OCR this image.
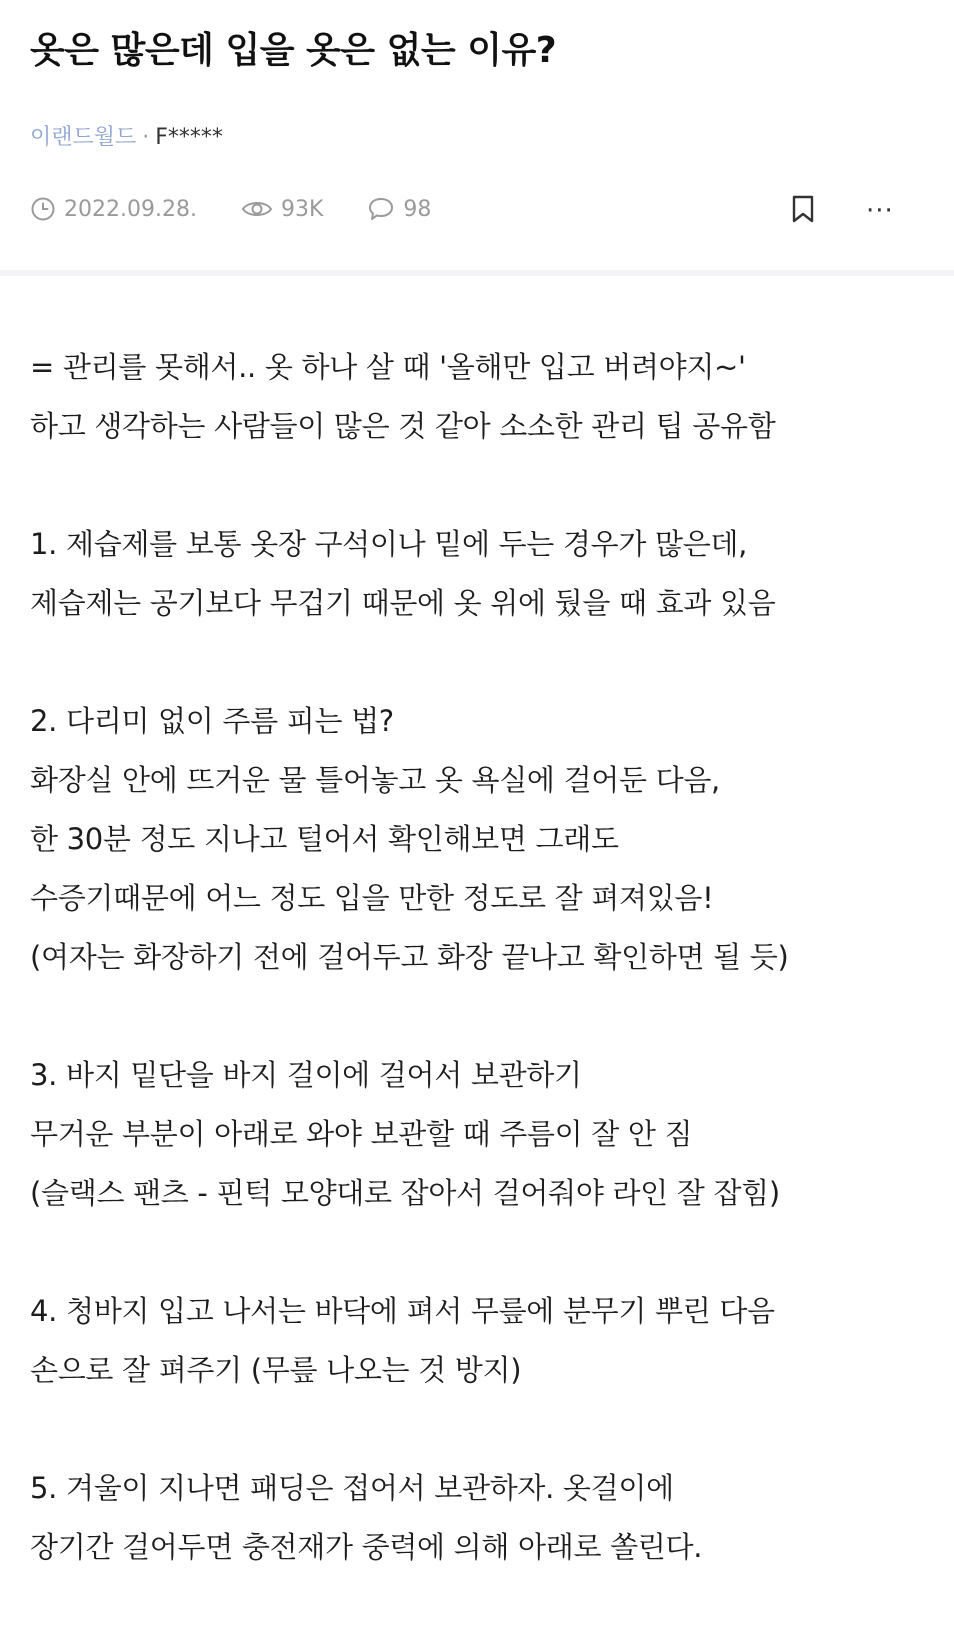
옷은 많은데 입을 옷은 없는 이유?
이랜드월드 · F*****
2022.09.28.	93K	98	···
= 관리를 못해서.. 옷 하나 살 때 '올해만 입고 버려야지~'
하고 생각하는 사람들이 많은 것 같아 소소한 관리 팁 공유함
1. 제습제를 보통 옷장 구석이나 밑에 두는 경우가 많은데,
제습제는 공기보다 무겁기 때문에 옷 위에 뒀을 때 효과 있음
2. 다리미 없이 주름 피는 법?
화장실 안에 뜨거운 물 틀어놓고 옷 욕실에 걸어둔 다음,
한 30분 정도 지나고 털어서 확인해보면 그래도
수증기때문에 어느 정도 입을 만한 정도로 잘 펴져있음!
(여자는 화장하기 전에 걸어두고 화장 끝나고 확인하면 될 듯)
3. 바지 밑단을 바지 걸이에 걸어서 보관하기
무거운 부분이 아래로 와야 보관할 때 주름이 잘 안 짐
(슬랙스 팬츠 - 핀턱 모양대로 잡아서 걸어줘야 라인 잘 잡힘)
4. 청바지 입고 나서는 바닥에 펴서 무릎에 분무기 뿌린 다음
손으로 잘 펴주기 (무릎 나오는 것 방지)
5. 겨울이 지나면 패딩은 접어서 보관하자. 옷걸이에
장기간 걸어두면 충전재가 중력에 의해 아래로 쏠린다.
